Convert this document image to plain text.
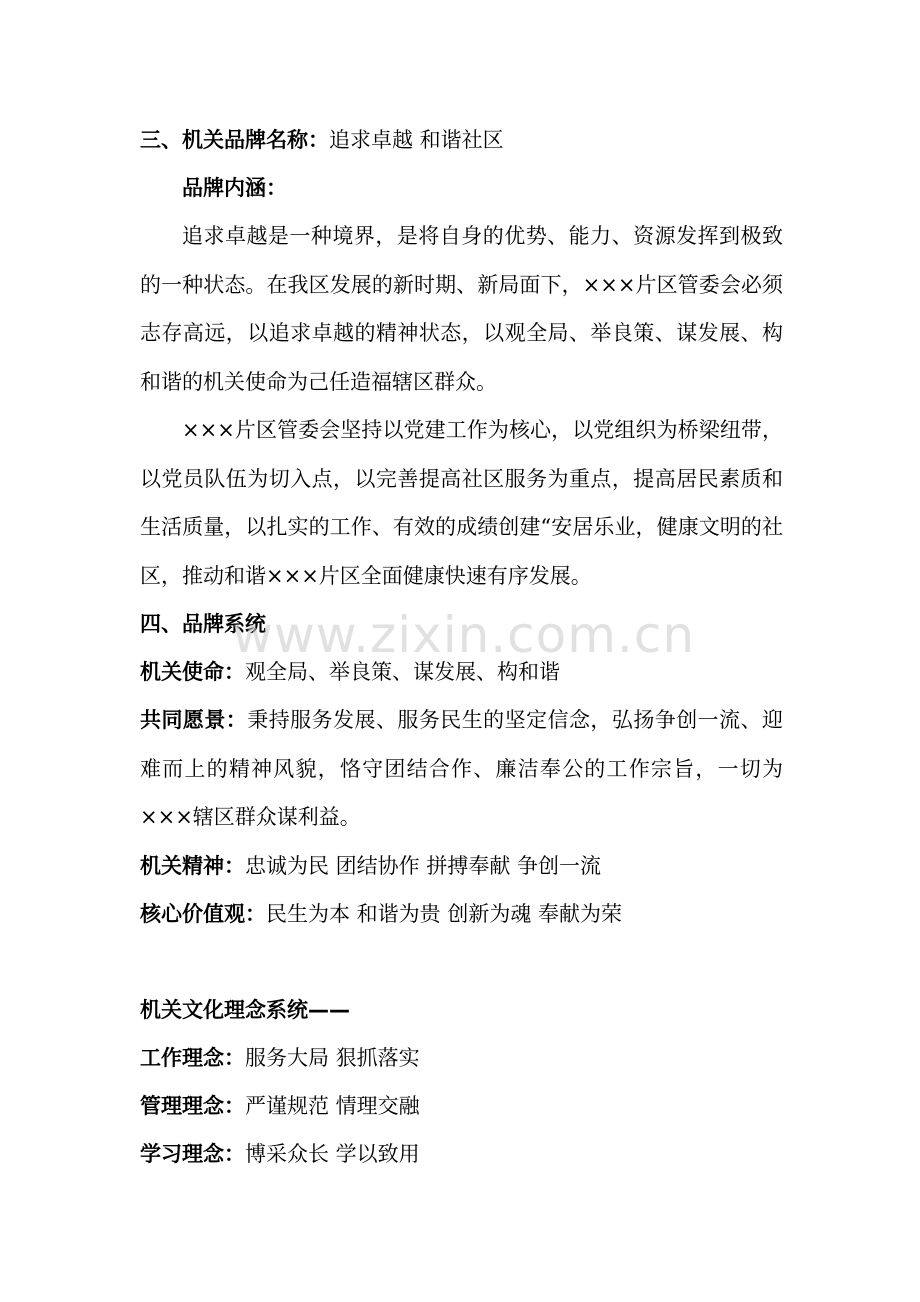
三、机关品牌名称：追求卓越 和谐社区
品牌内涵：
追求卓越是一种境界，是将自身的优势、能力、资源发挥到极致的一种状态。在我区发展的新时期、新局面下，×××片区管委会必须志存高远，以追求卓越的精神状态，以观全局、举良策、谋发展、构和谐的机关使命为己任造福辖区群众。
×××片区管委会坚持以党建工作为核心，以党组织为桥梁纽带，以党员队伍为切入点，以完善提高社区服务为重点，提高居民素质和生活质量，以扎实的工作、有效的成绩创建“安居乐业，健康文明的社区，推动和谐×××片区全面健康快速有序发展。
四、品牌系统
机关使命：观全局、举良策、谋发展、构和谐
共同愿景：秉持服务发展、服务民生的坚定信念，弘扬争创一流、迎难而上的精神风貌，恪守团结合作、廉洁奉公的工作宗旨，一切为×××辖区群众谋利益。
机关精神：忠诚为民 团结协作 拼搏奉献 争创一流
核心价值观：民生为本 和谐为贵 创新为魂 奉献为荣
机关文化理念系统——
工作理念：服务大局 狠抓落实
管理理念：严谨规范 情理交融
学习理念：博采众长 学以致用
www.zixin.com.cn
